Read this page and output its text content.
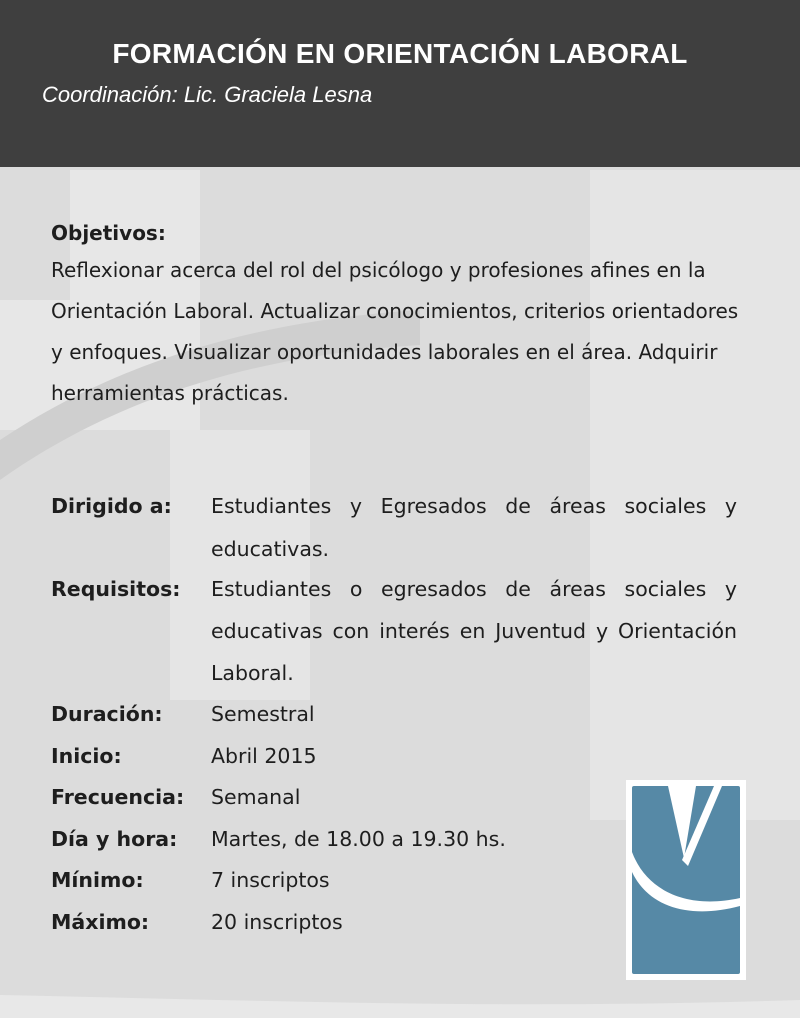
FORMACIÓN EN ORIENTACIÓN LABORAL
Coordinación: Lic. Graciela Lesna
Objetivos:
Reflexionar acerca del rol del psicólogo y profesiones afines en la Orientación Laboral. Actualizar conocimientos, criterios orientadores y enfoques. Visualizar oportunidades laborales en el área. Adquirir herramientas prácticas.
Dirigido a:	Estudiantes y Egresados de áreas sociales y educativas.
Requisitos:	Estudiantes o egresados de áreas sociales y educativas con interés en Juventud y Orientación Laboral.
Duración:	Semestral
Inicio:	Abril 2015
Frecuencia:	Semanal
Día y hora:	Martes, de 18.00 a 19.30 hs.
Mínimo:	7 inscriptos
Máximo:	20 inscriptos
